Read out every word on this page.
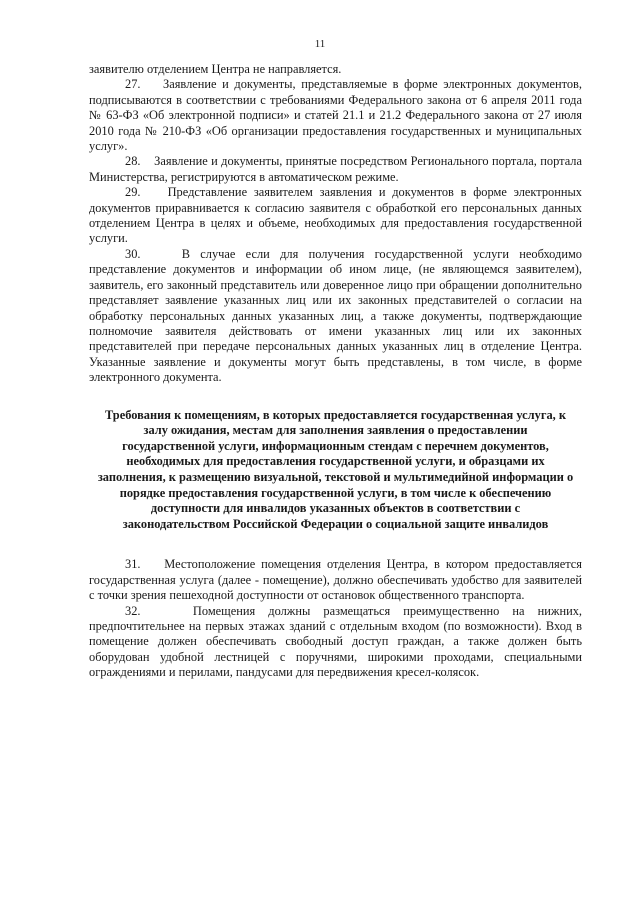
11

заявителю отделением Центра не направляется.

27.    Заявление и документы, представляемые в форме электронных документов, подписываются в соответствии с требованиями Федерального закона от 6 апреля 2011 года № 63-ФЗ «Об электронной подписи» и статей 21.1 и 21.2 Федерального закона от 27 июля 2010 года № 210-ФЗ «Об организации предоставления государственных и муниципальных услуг».

28.    Заявление и документы, принятые посредством Регионального портала, портала Министерства, регистрируются в автоматическом режиме.

29.    Представление заявителем заявления и документов в форме электронных документов приравнивается к согласию заявителя с обработкой его персональных данных отделением Центра в целях и объеме, необходимых для предоставления государственной услуги.

30.    В случае если для получения государственной услуги необходимо представление документов и информации об ином лице, (не являющемся заявителем), заявитель, его законный представитель или доверенное лицо при обращении дополнительно представляет заявление указанных лиц или их законных представителей о согласии на обработку персональных данных указанных лиц, а также документы, подтверждающие полномочие заявителя действовать от имени указанных лиц или их законных представителей при передаче персональных данных указанных лиц в отделение Центра. Указанные заявление и документы могут быть представлены, в том числе, в форме электронного документа.

Требования к помещениям, в которых предоставляется государственная услуга, к залу ожидания, местам для заполнения заявления о предоставлении государственной услуги, информационным стендам с перечнем документов, необходимых для предоставления государственной услуги, и образцами их заполнения, к размещению визуальной, текстовой и мультимедийной информации о порядке предоставления государственной услуги, в том числе к обеспечению доступности для инвалидов указанных объектов в соответствии с законодательством Российской Федерации о социальной защите инвалидов

31.    Местоположение помещения отделения Центра, в котором предоставляется государственная услуга (далее - помещение), должно обеспечивать удобство для заявителей с точки зрения пешеходной доступности от остановок общественного транспорта.

32.    Помещения должны размещаться преимущественно на нижних, предпочтительнее на первых этажах зданий с отдельным входом (по возможности). Вход в помещение должен обеспечивать свободный доступ граждан, а также должен быть оборудован удобной лестницей с поручнями, широкими проходами, специальными ограждениями и перилами, пандусами для передвижения кресел-колясок.
